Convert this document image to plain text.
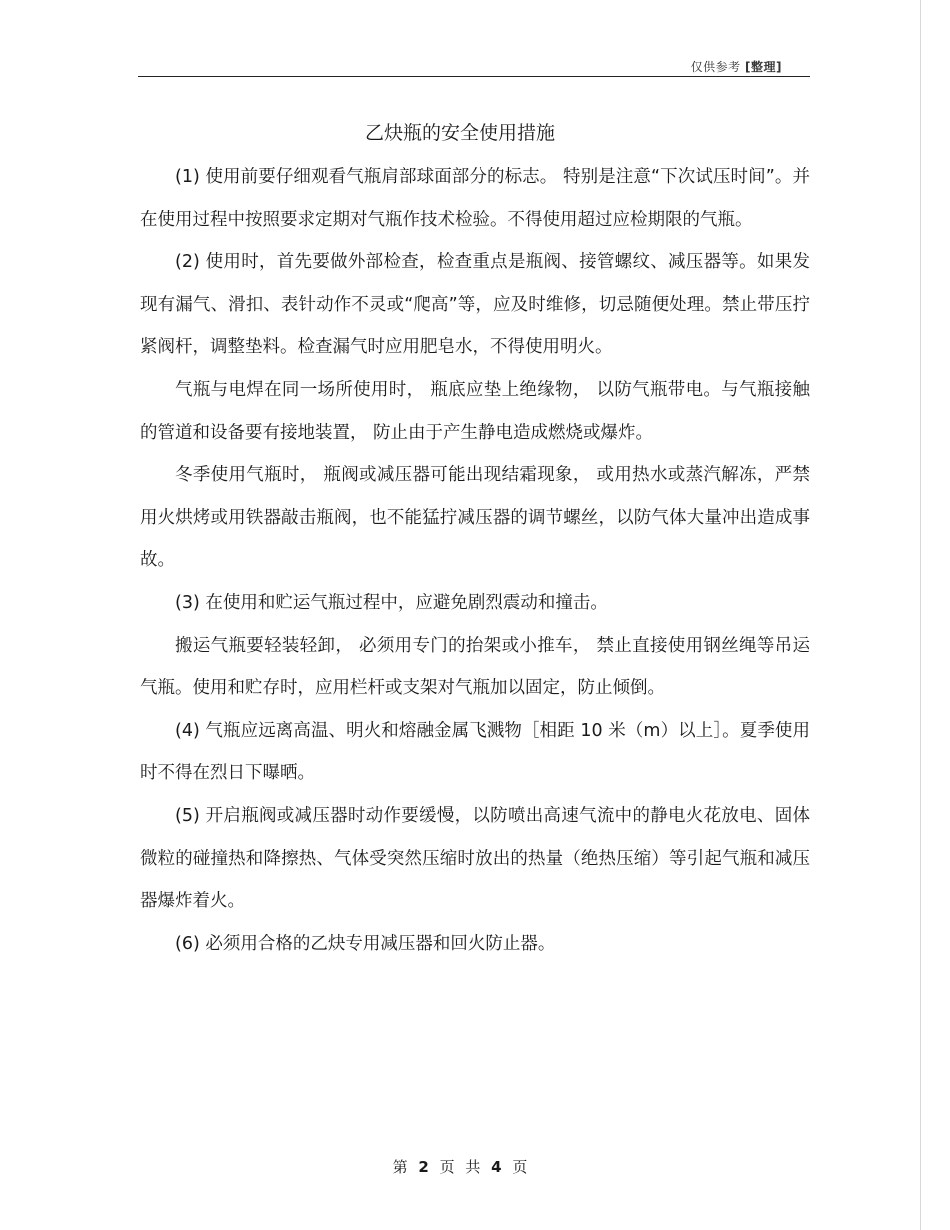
仅供参考 [整理]
乙炔瓶的安全使用措施

(1) 使用前要仔细观看气瓶肩部球面部分的标志。 特别是注意“下次试压时间”。并在使用过程中按照要求定期对气瓶作技术检验。不得使用超过应检期限的气瓶。

(2) 使用时，首先要做外部检查，检查重点是瓶阀、接管螺纹、减压器等。如果发现有漏气、滑扣、表针动作不灵或“爬高”等，应及时维修，切忌随便处理。禁止带压拧紧阀杆，调整垫料。检查漏气时应用肥皂水，不得使用明火。

气瓶与电焊在同一场所使用时， 瓶底应垫上绝缘物， 以防气瓶带电。与气瓶接触的管道和设备要有接地装置， 防止由于产生静电造成燃烧或爆炸。

冬季使用气瓶时， 瓶阀或减压器可能出现结霜现象， 或用热水或蒸汽解冻，严禁用火烘烤或用铁器敲击瓶阀，也不能猛拧减压器的调节螺丝，以防气体大量冲出造成事故。

(3) 在使用和贮运气瓶过程中，应避免剧烈震动和撞击。

搬运气瓶要轻装轻卸， 必须用专门的抬架或小推车， 禁止直接使用钢丝绳等吊运气瓶。使用和贮存时，应用栏杆或支架对气瓶加以固定，防止倾倒。

(4) 气瓶应远离高温、明火和熔融金属飞溅物［相距 10 米（m）以上］。夏季使用时不得在烈日下曝晒。

(5) 开启瓶阀或减压器时动作要缓慢，以防喷出高速气流中的静电火花放电、固体微粒的碰撞热和降擦热、气体受突然压缩时放出的热量（绝热压缩）等引起气瓶和减压器爆炸着火。

(6) 必须用合格的乙炔专用减压器和回火防止器。

第 2 页 共 4 页
